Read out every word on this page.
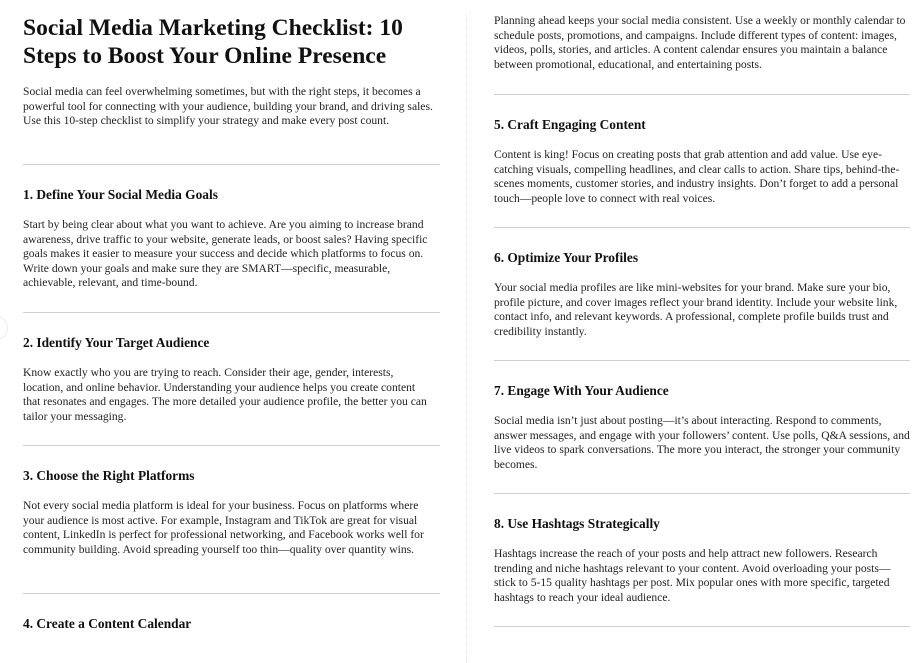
Social Media Marketing Checklist: 10 Steps to Boost Your Online Presence

Social media can feel overwhelming sometimes, but with the right steps, it becomes a powerful tool for connecting with your audience, building your brand, and driving sales. Use this 10-step checklist to simplify your strategy and make every post count.

1. Define Your Social Media Goals

Start by being clear about what you want to achieve. Are you aiming to increase brand awareness, drive traffic to your website, generate leads, or boost sales? Having specific goals makes it easier to measure your success and decide which platforms to focus on. Write down your goals and make sure they are SMART—specific, measurable, achievable, relevant, and time-bound.

2. Identify Your Target Audience

Know exactly who you are trying to reach. Consider their age, gender, interests, location, and online behavior. Understanding your audience helps you create content that resonates and engages. The more detailed your audience profile, the better you can tailor your messaging.

3. Choose the Right Platforms

Not every social media platform is ideal for your business. Focus on platforms where your audience is most active. For example, Instagram and TikTok are great for visual content, LinkedIn is perfect for professional networking, and Facebook works well for community building. Avoid spreading yourself too thin—quality over quantity wins.

4. Create a Content Calendar

Planning ahead keeps your social media consistent. Use a weekly or monthly calendar to schedule posts, promotions, and campaigns. Include different types of content: images, videos, polls, stories, and articles. A content calendar ensures you maintain a balance between promotional, educational, and entertaining posts.

5. Craft Engaging Content

Content is king! Focus on creating posts that grab attention and add value. Use eye-catching visuals, compelling headlines, and clear calls to action. Share tips, behind-the-scenes moments, customer stories, and industry insights. Don’t forget to add a personal touch—people love to connect with real voices.

6. Optimize Your Profiles

Your social media profiles are like mini-websites for your brand. Make sure your bio, profile picture, and cover images reflect your brand identity. Include your website link, contact info, and relevant keywords. A professional, complete profile builds trust and credibility instantly.

7. Engage With Your Audience

Social media isn’t just about posting—it’s about interacting. Respond to comments, answer messages, and engage with your followers’ content. Use polls, Q&A sessions, and live videos to spark conversations. The more you interact, the stronger your community becomes.

8. Use Hashtags Strategically

Hashtags increase the reach of your posts and help attract new followers. Research trending and niche hashtags relevant to your content. Avoid overloading your posts—stick to 5-15 quality hashtags per post. Mix popular ones with more specific, targeted hashtags to reach your ideal audience.
